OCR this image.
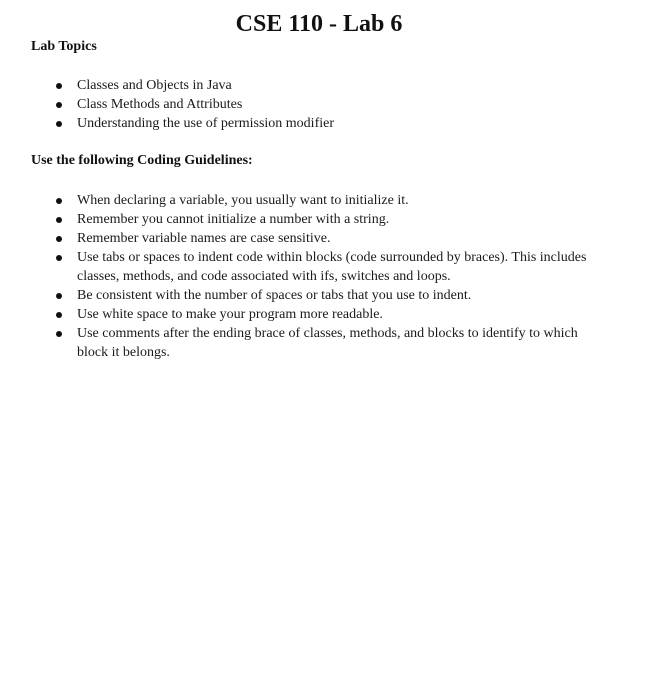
CSE 110 - Lab 6
Lab Topics
Classes and Objects in Java
Class Methods and Attributes
Understanding the use of permission modifier
Use the following Coding Guidelines:
When declaring a variable, you usually want to initialize it.
Remember you cannot initialize a number with a string.
Remember variable names are case sensitive.
Use tabs or spaces to indent code within blocks (code surrounded by braces). This includes classes, methods, and code associated with ifs, switches and loops.
Be consistent with the number of spaces or tabs that you use to indent.
Use white space to make your program more readable.
Use comments after the ending brace of classes, methods, and blocks to identify to which block it belongs.
